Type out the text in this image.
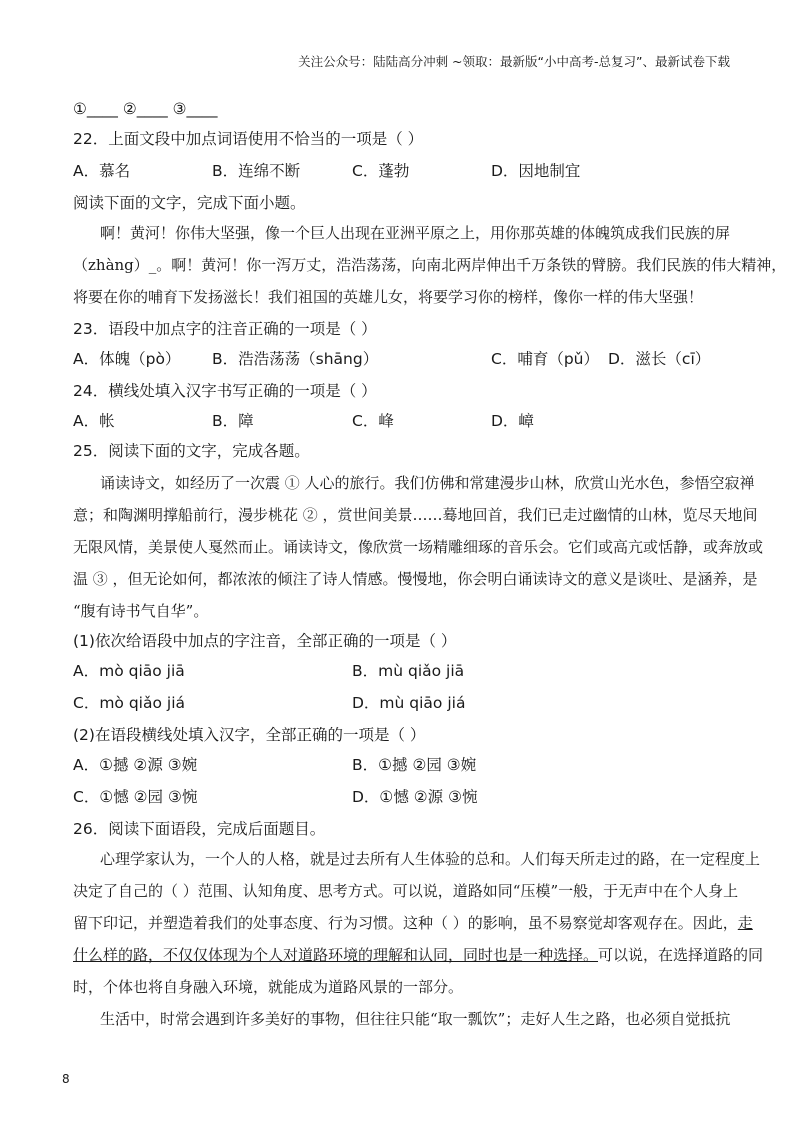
关注公众号：陆陆高分冲刺 ~领取：最新版“小中高考-总复习”、最新试卷下载
①____ ②____ ③____
22．上面文段中加点词语使用不恰当的一项是（ ）
A．慕名	B．连绵不断	C．蓬勃	D．因地制宜
阅读下面的文字，完成下面小题。
啊！黄河！你伟大坚强，像一个巨人出现在亚洲平原之上，用你那英雄的体魄筑成我们民族的屏
（zhàng）_。啊！黄河！你一泻万丈，浩浩荡荡，向南北两岸伸出千万条铁的臂膀。我们民族的伟大精神，
将要在你的哺育下发扬滋长！我们祖国的英雄儿女，将要学习你的榜样，像你一样的伟大坚强！
23．语段中加点字的注音正确的一项是（ ）
A．体魄（pò） B．浩浩荡荡（shāng）	C．哺育（pǔ） D．滋长（cī）
24．横线处填入汉字书写正确的一项是（ ）
A．帐	B．障	C．峰	D．嶂
25．阅读下面的文字，完成各题。
诵读诗文，如经历了一次震 ① 人心的旅行。我们仿佛和常建漫步山林，欣赏山光水色，参悟空寂禅
意；和陶渊明撑船前行，漫步桃花 ② ，赏世间美景……蓦地回首，我们已走过幽情的山林，览尽天地间
无限风情，美景使人戛然而止。诵读诗文，像欣赏一场精雕细琢的音乐会。它们或高亢或恬静，或奔放或
温 ③ ，但无论如何，都浓浓的倾注了诗人情感。慢慢地，你会明白诵读诗文的意义是谈吐、是涵养，是
“腹有诗书气自华”。
(1)依次给语段中加点的字注音，全部正确的一项是（ ）
A．mò qiāo jiā	B．mù qiǎo jiā
C．mò qiǎo jiá	D．mù qiāo jiá
(2)在语段横线处填入汉字，全部正确的一项是（ ）
A．①撼 ②源 ③婉	B．①撼 ②园 ③婉
C．①憾 ②园 ③惋	D．①憾 ②源 ③惋
26．阅读下面语段，完成后面题目。
心理学家认为，一个人的人格，就是过去所有人生体验的总和。人们每天所走过的路，在一定程度上
决定了自己的（ ）范围、认知角度、思考方式。可以说，道路如同“压模”一般，于无声中在个人身上
留下印记，并塑造着我们的处事态度、行为习惯。这种（ ）的影响，虽不易察觉却客观存在。因此，走
什么样的路，不仅仅体现为个人对道路环境的理解和认同，同时也是一种选择。可以说，在选择道路的同
时，个体也将自身融入环境，就能成为道路风景的一部分。
生活中，时常会遇到许多美好的事物，但往往只能“取一瓢饮”；走好人生之路，也必须自觉抵抗
8
